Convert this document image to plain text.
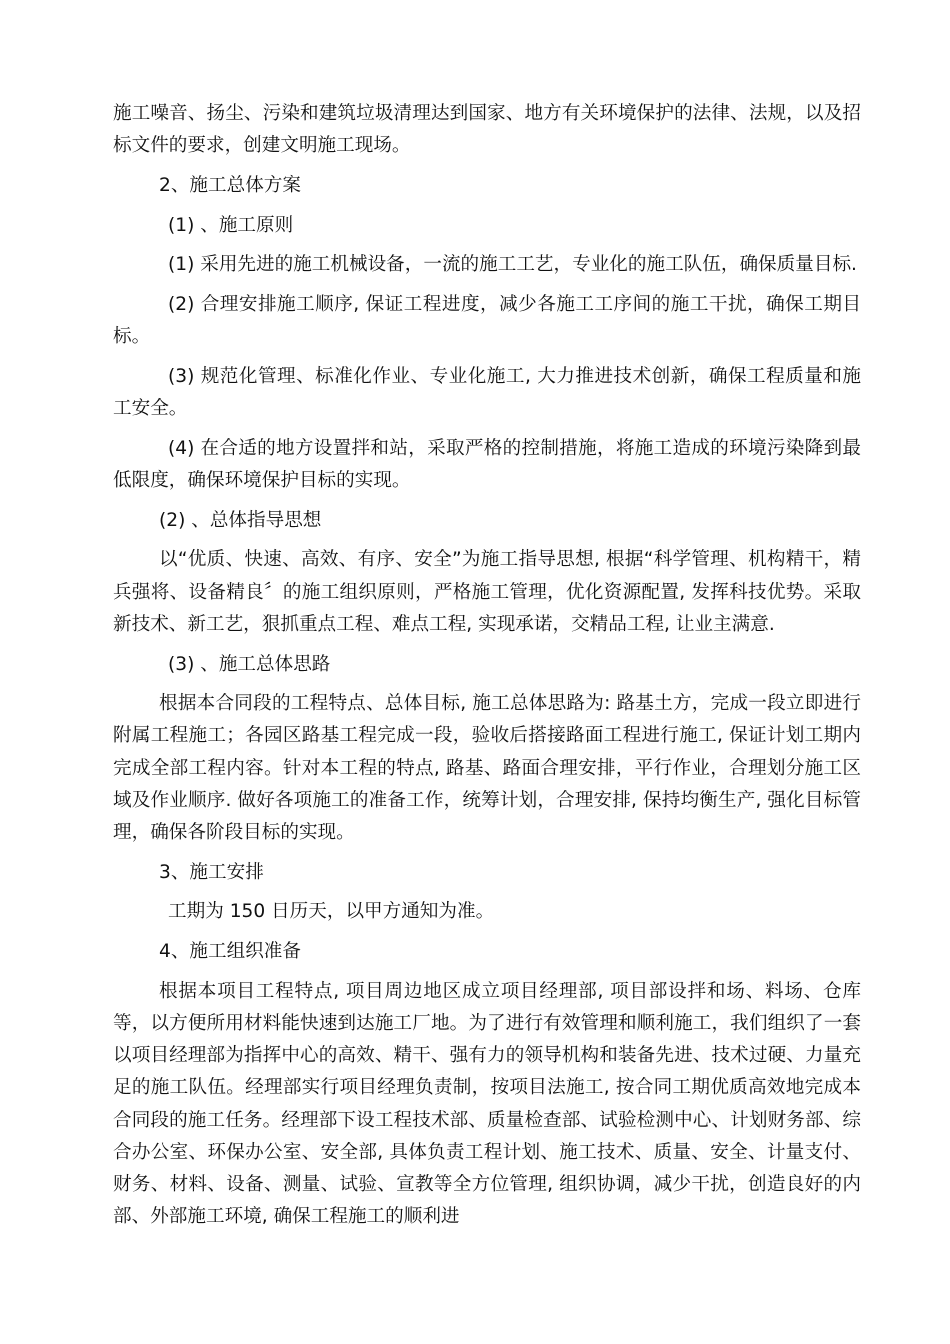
施工噪音、扬尘、污染和建筑垃圾清理达到国家、地方有关环境保护的法律、法规，以及招标文件的要求，创建文明施工现场。

2、施工总体方案

(1) 、施工原则

(1) 采用先进的施工机械设备，一流的施工工艺，专业化的施工队伍，确保质量目标.

(2) 合理安排施工顺序, 保证工程进度，减少各施工工序间的施工干扰，确保工期目标。

(3) 规范化管理、标准化作业、专业化施工, 大力推进技术创新，确保工程质量和施工安全。

(4) 在合适的地方设置拌和站，采取严格的控制措施，将施工造成的环境污染降到最低限度，确保环境保护目标的实现。

(2) 、总体指导思想

以“优质、快速、高效、有序、安全”为施工指导思想, 根据“科学管理、机构精干，精兵强将、设备精良〞的施工组织原则，严格施工管理，优化资源配置, 发挥科技优势。采取新技术、新工艺，狠抓重点工程、难点工程, 实现承诺，交精品工程, 让业主满意.

(3) 、施工总体思路

根据本合同段的工程特点、总体目标, 施工总体思路为: 路基土方，完成一段立即进行附属工程施工；各园区路基工程完成一段，验收后搭接路面工程进行施工, 保证计划工期内完成全部工程内容。针对本工程的特点, 路基、路面合理安排，平行作业，合理划分施工区域及作业顺序. 做好各项施工的准备工作，统筹计划，合理安排, 保持均衡生产, 强化目标管理，确保各阶段目标的实现。

3、施工安排

工期为 150 日历天，以甲方通知为准。

4、施工组织准备

根据本项目工程特点, 项目周边地区成立项目经理部, 项目部设拌和场、料场、仓库等，以方便所用材料能快速到达施工厂地。为了进行有效管理和顺利施工，我们组织了一套以项目经理部为指挥中心的高效、精干、强有力的领导机构和装备先进、技术过硬、力量充足的施工队伍。经理部实行项目经理负责制，按项目法施工, 按合同工期优质高效地完成本合同段的施工任务。经理部下设工程技术部、质量检查部、试验检测中心、计划财务部、综合办公室、环保办公室、安全部, 具体负责工程计划、施工技术、质量、安全、计量支付、财务、材料、设备、测量、试验、宣教等全方位管理, 组织协调，减少干扰，创造良好的内部、外部施工环境, 确保工程施工的顺利进
